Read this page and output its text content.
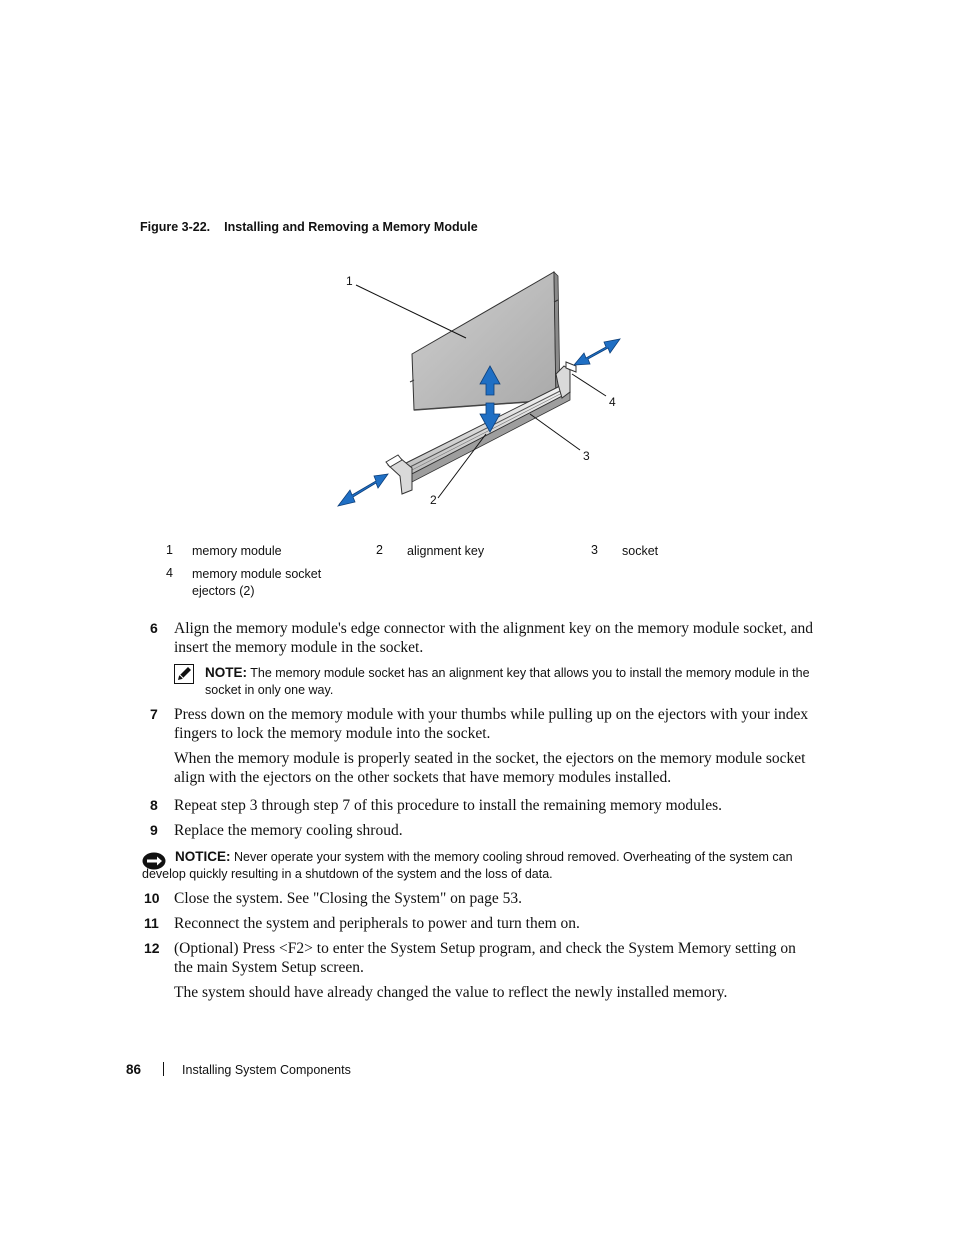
Figure 3-22. Installing and Removing a Memory Module
1
2
3
4
1 memory module	2 alignment key	3 socket
4 memory module socket ejectors (2)
6 Align the memory module's edge connector with the alignment key on the memory module socket, and insert the memory module in the socket.
NOTE: The memory module socket has an alignment key that allows you to install the memory module in the socket in only one way.
7 Press down on the memory module with your thumbs while pulling up on the ejectors with your index fingers to lock the memory module into the socket.
When the memory module is properly seated in the socket, the ejectors on the memory module socket align with the ejectors on the other sockets that have memory modules installed.
8 Repeat step 3 through step 7 of this procedure to install the remaining memory modules.
9 Replace the memory cooling shroud.
NOTICE: Never operate your system with the memory cooling shroud removed. Overheating of the system can develop quickly resulting in a shutdown of the system and the loss of data.
10 Close the system. See "Closing the System" on page 53.
11 Reconnect the system and peripherals to power and turn them on.
12 (Optional) Press <F2> to enter the System Setup program, and check the System Memory setting on the main System Setup screen.
The system should have already changed the value to reflect the newly installed memory.
86	Installing System Components
